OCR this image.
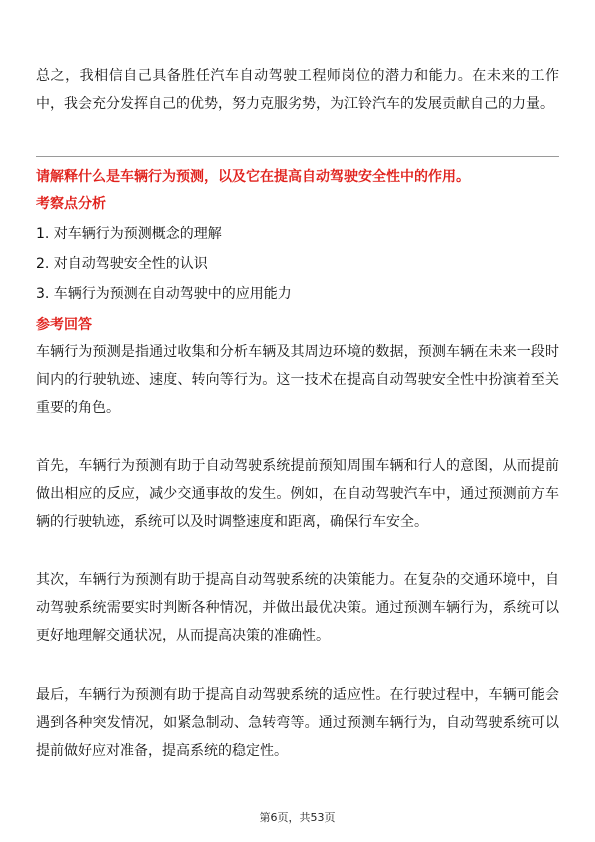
总之，我相信自己具备胜任汽车自动驾驶工程师岗位的潜力和能力。在未来的工作中，我会充分发挥自己的优势，努力克服劣势，为江铃汽车的发展贡献自己的力量。

请解释什么是车辆行为预测，以及它在提高自动驾驶安全性中的作用。

考察点分析

1. 对车辆行为预测概念的理解
2. 对自动驾驶安全性的认识
3. 车辆行为预测在自动驾驶中的应用能力

参考回答

车辆行为预测是指通过收集和分析车辆及其周边环境的数据，预测车辆在未来一段时间内的行驶轨迹、速度、转向等行为。这一技术在提高自动驾驶安全性中扮演着至关重要的角色。

首先，车辆行为预测有助于自动驾驶系统提前预知周围车辆和行人的意图，从而提前做出相应的反应，减少交通事故的发生。例如，在自动驾驶汽车中，通过预测前方车辆的行驶轨迹，系统可以及时调整速度和距离，确保行车安全。

其次，车辆行为预测有助于提高自动驾驶系统的决策能力。在复杂的交通环境中，自动驾驶系统需要实时判断各种情况，并做出最优决策。通过预测车辆行为，系统可以更好地理解交通状况，从而提高决策的准确性。

最后，车辆行为预测有助于提高自动驾驶系统的适应性。在行驶过程中，车辆可能会遇到各种突发情况，如紧急制动、急转弯等。通过预测车辆行为，自动驾驶系统可以提前做好应对准备，提高系统的稳定性。

第6页，共53页
